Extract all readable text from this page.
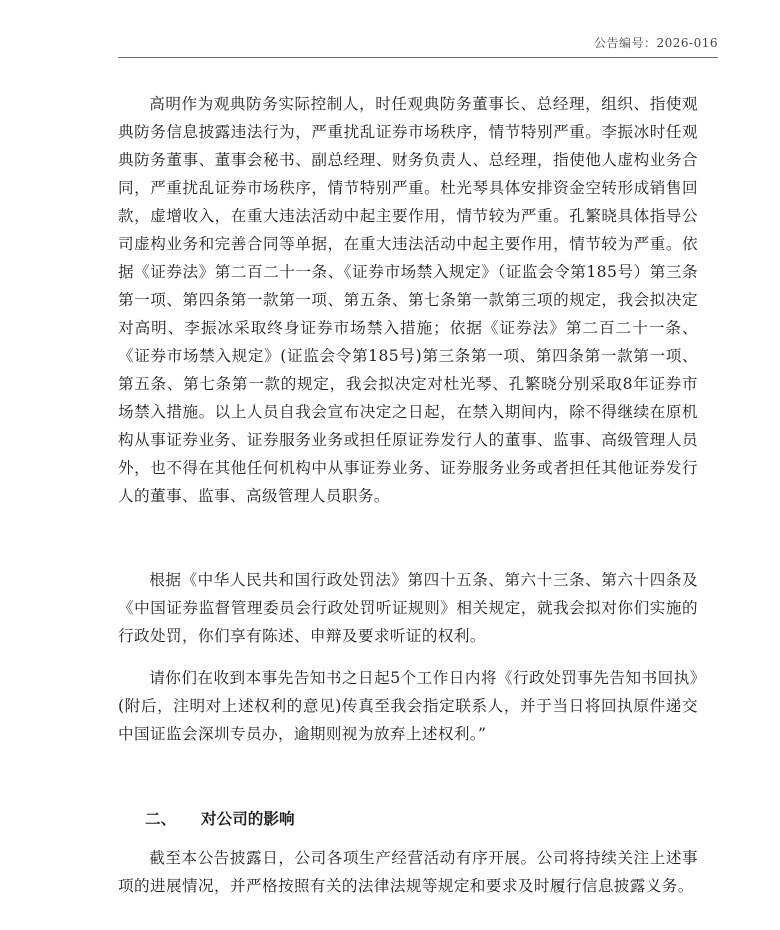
公告编号：2026-016

高明作为观典防务实际控制人，时任观典防务董事长、总经理，组织、指使观典防务信息披露违法行为，严重扰乱证券市场秩序，情节特别严重。李振冰时任观典防务董事、董事会秘书、副总经理、财务负责人、总经理，指使他人虚构业务合同，严重扰乱证券市场秩序，情节特别严重。杜光琴具体安排资金空转形成销售回款，虚增收入，在重大违法活动中起主要作用，情节较为严重。孔繁晓具体指导公司虚构业务和完善合同等单据，在重大违法活动中起主要作用，情节较为严重。依据《证券法》第二百二十一条、《证券市场禁入规定》（证监会令第185号）第三条第一项、第四条第一款第一项、第五条、第七条第一款第三项的规定，我会拟决定对高明、李振冰采取终身证券市场禁入措施；依据《证券法》第二百二十一条、《证券市场禁入规定》(证监会令第185号)第三条第一项、第四条第一款第一项、第五条、第七条第一款的规定，我会拟决定对杜光琴、孔繁晓分别采取8年证券市场禁入措施。以上人员自我会宣布决定之日起，在禁入期间内，除不得继续在原机构从事证券业务、证券服务业务或担任原证券发行人的董事、监事、高级管理人员外，也不得在其他任何机构中从事证券业务、证券服务业务或者担任其他证券发行人的董事、监事、高级管理人员职务。

根据《中华人民共和国行政处罚法》第四十五条、第六十三条、第六十四条及《中国证券监督管理委员会行政处罚听证规则》相关规定，就我会拟对你们实施的行政处罚，你们享有陈述、申辩及要求听证的权利。

请你们在收到本事先告知书之日起5个工作日内将《行政处罚事先告知书回执》(附后，注明对上述权利的意见)传真至我会指定联系人，并于当日将回执原件递交中国证监会深圳专员办，逾期则视为放弃上述权利。”

二、 对公司的影响

截至本公告披露日，公司各项生产经营活动有序开展。公司将持续关注上述事项的进展情况，并严格按照有关的法律法规等规定和要求及时履行信息披露义务。
